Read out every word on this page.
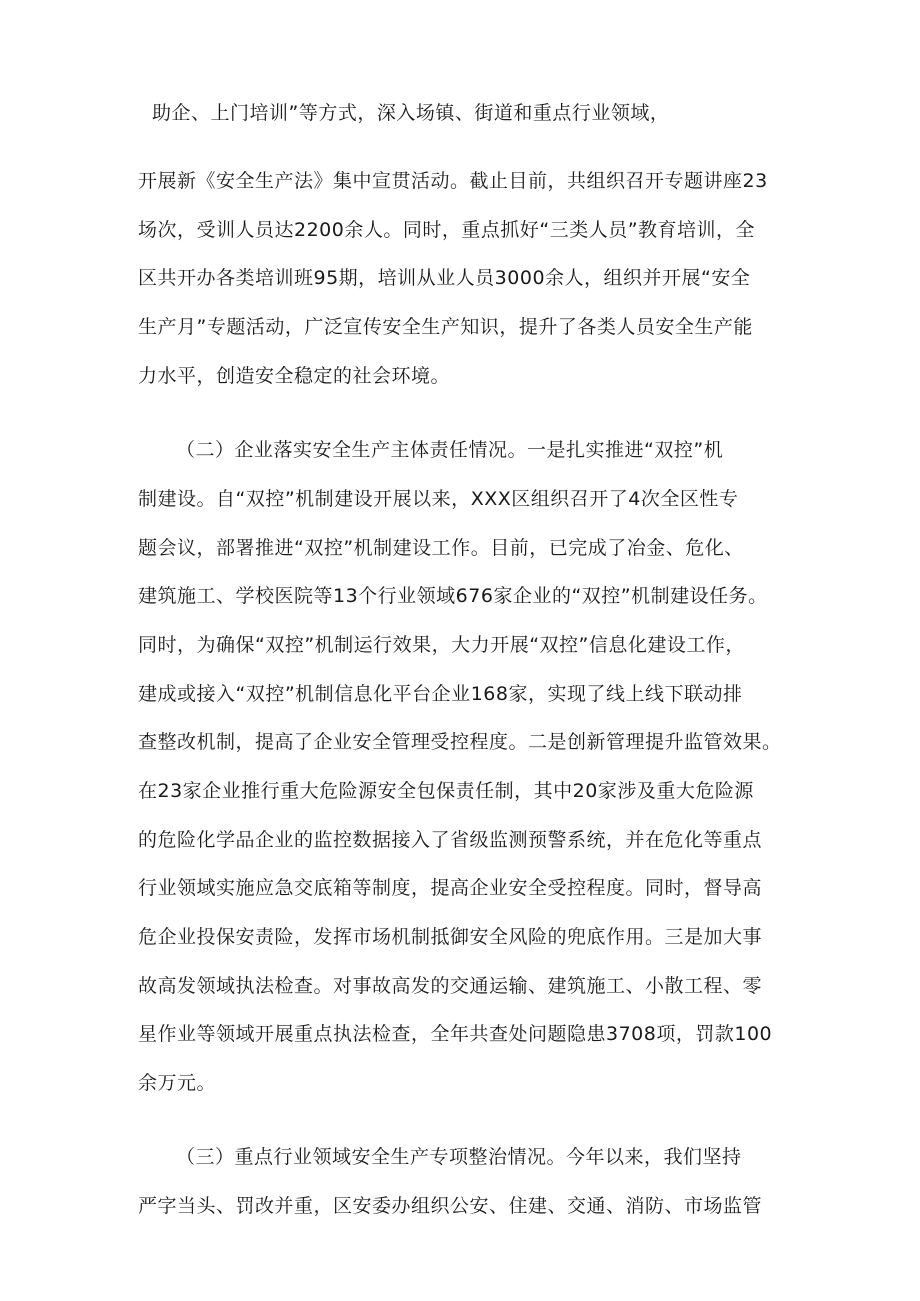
助企、上门培训”等方式，深入场镇、街道和重点行业领域，
开展新《安全生产法》集中宣贯活动。截止目前，共组织召开专题讲座23
场次，受训人员达2200余人。同时，重点抓好“三类人员”教育培训，全
区共开办各类培训班95期，培训从业人员3000余人，组织并开展“安全
生产月”专题活动，广泛宣传安全生产知识，提升了各类人员安全生产能
力水平，创造安全稳定的社会环境。
（二）企业落实安全生产主体责任情况。一是扎实推进“双控”机
制建设。自“双控”机制建设开展以来，XXX区组织召开了4次全区性专
题会议，部署推进“双控”机制建设工作。目前，已完成了冶金、危化、
建筑施工、学校医院等13个行业领域676家企业的“双控”机制建设任务。
同时，为确保“双控”机制运行效果，大力开展“双控”信息化建设工作，
建成或接入“双控”机制信息化平台企业168家，实现了线上线下联动排
查整改机制，提高了企业安全管理受控程度。二是创新管理提升监管效果。
在23家企业推行重大危险源安全包保责任制，其中20家涉及重大危险源
的危险化学品企业的监控数据接入了省级监测预警系统，并在危化等重点
行业领域实施应急交底箱等制度，提高企业安全受控程度。同时，督导高
危企业投保安责险，发挥市场机制抵御安全风险的兜底作用。三是加大事
故高发领域执法检查。对事故高发的交通运输、建筑施工、小散工程、零
星作业等领域开展重点执法检查，全年共查处问题隐患3708项，罚款100
余万元。
（三）重点行业领域安全生产专项整治情况。今年以来，我们坚持
严字当头、罚改并重，区安委办组织公安、住建、交通、消防、市场监管
